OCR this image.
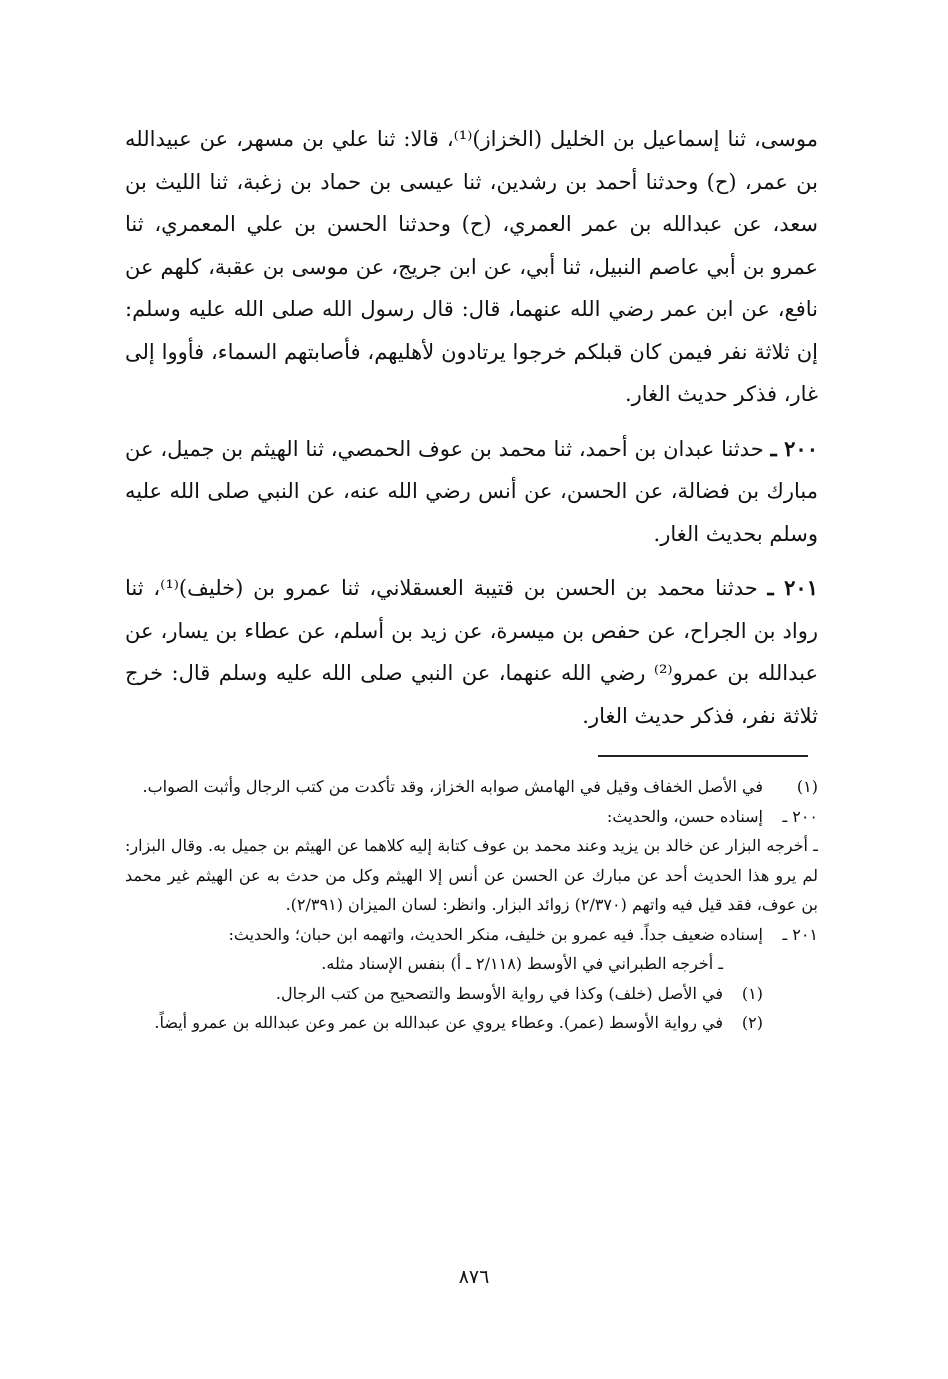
موسى، ثنا إسماعيل بن الخليل (الخزاز)⁽¹⁾، قالا: ثنا علي بن مسهر، عن عبيدالله بن عمر، (ح) وحدثنا أحمد بن رشدين، ثنا عيسى بن حماد بن زغبة، ثنا الليث بن سعد، عن عبدالله بن عمر العمري، (ح) وحدثنا الحسن بن علي المعمري، ثنا عمرو بن أبي عاصم النبيل، ثنا أبي، عن ابن جريج، عن موسى بن عقبة، كلهم عن نافع، عن ابن عمر رضي الله عنهما، قال: قال رسول الله صلى الله عليه وسلم: إن ثلاثة نفر فيمن كان قبلكم خرجوا يرتادون لأهليهم، فأصابتهم السماء، فأووا إلى غار، فذكر حديث الغار.

٢٠٠ ـ حدثنا عبدان بن أحمد، ثنا محمد بن عوف الحمصي، ثنا الهيثم بن جميل، عن مبارك بن فضالة، عن الحسن، عن أنس رضي الله عنه، عن النبي صلى الله عليه وسلم بحديث الغار.

٢٠١ ـ حدثنا محمد بن الحسن بن قتيبة العسقلاني، ثنا عمرو بن (خليف)⁽¹⁾، ثنا رواد بن الجراح، عن حفص بن ميسرة، عن زيد بن أسلم، عن عطاء بن يسار، عن عبدالله بن عمرو⁽²⁾ رضي الله عنهما، عن النبي صلى الله عليه وسلم قال: خرج ثلاثة نفر، فذكر حديث الغار.

(١)
في الأصل الخفاف وقيل في الهامش صوابه الخزاز، وقد تأكدت من كتب الرجال وأثبت الصواب.
٢٠٠ ـ
إسناده حسن، والحديث:
ـ أخرجه البزار عن خالد بن يزيد وعند محمد بن عوف كتابة إليه كلاهما عن الهيثم بن جميل به. وقال البزار: لم يرو هذا الحديث أحد عن مبارك عن الحسن عن أنس إلا الهيثم وكل من حدث به عن الهيثم غير محمد بن عوف، فقد قيل فيه واتهم (٢/٣٧٠) زوائد البزار. وانظر: لسان الميزان (٢/٣٩١).
٢٠١ ـ
إسناده ضعيف جداً. فيه عمرو بن خليف، منكر الحديث، واتهمه ابن حبان؛ والحديث:
ـ أخرجه الطبراني في الأوسط (٢/١١٨ ـ أ) بنفس الإسناد مثله.
(١)
في الأصل (خلف) وكذا في رواية الأوسط والتصحيح من كتب الرجال.
(٢)
في رواية الأوسط (عمر). وعطاء يروي عن عبدالله بن عمر وعن عبدالله بن عمرو أيضاً.
٨٧٦
